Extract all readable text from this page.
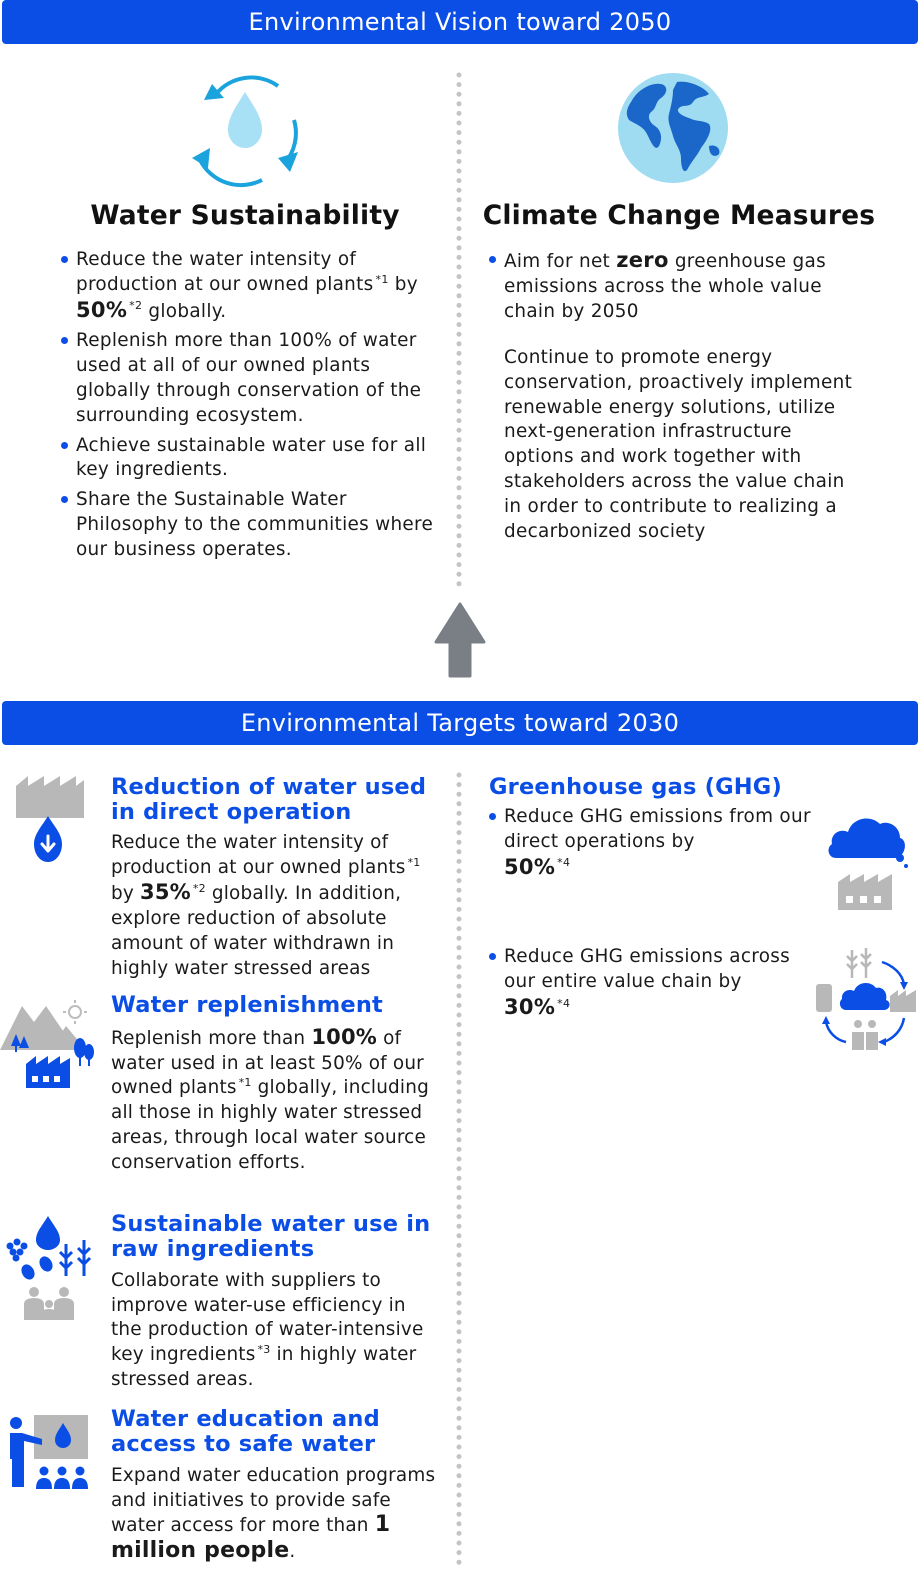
Environmental Vision toward 2050
Water Sustainability	Climate Change Measures
Reduce the water intensity of production at our owned plants $^{*1}$ by 50% $^{*2}$ globally.
Replenish more than 100% of water used at all of our owned plants globally through conservation of the surrounding ecosystem.
Achieve sustainable water use for all key ingredients.
Share the Sustainable Water Philosophy to the communities where our business operates.
Aim for net zero greenhouse gas emissions across the whole value chain by 2050
Continue to promote energy conservation, proactively implement renewable energy solutions, utilize next-generation infrastructure options and work together with stakeholders across the value chain in order to contribute to realizing a decarbonized society
Environmental Targets toward 2030
Reduction of water used in direct operation
Reduce the water intensity of production at our owned plants $^{*1}$ by 35% $^{*2}$ globally. In addition, explore reduction of absolute amount of water withdrawn in highly water stressed areas
Water replenishment
Replenish more than 100% of water used in at least 50% of our owned plants $^{*1}$ globally, including all those in highly water stressed areas, through local water source conservation efforts.
Sustainable water use in raw ingredients
Collaborate with suppliers to improve water-use efficiency in the production of water-intensive key ingredients $^{*3}$ in highly water stressed areas.
Water education and access to safe water
Expand water education programs and initiatives to provide safe water access for more than 1 million people.
Greenhouse gas (GHG)
Reduce GHG emissions from our direct operations by
50% $^{*4}$
Reduce GHG emissions across our entire value chain by
30% $^{*4}$
